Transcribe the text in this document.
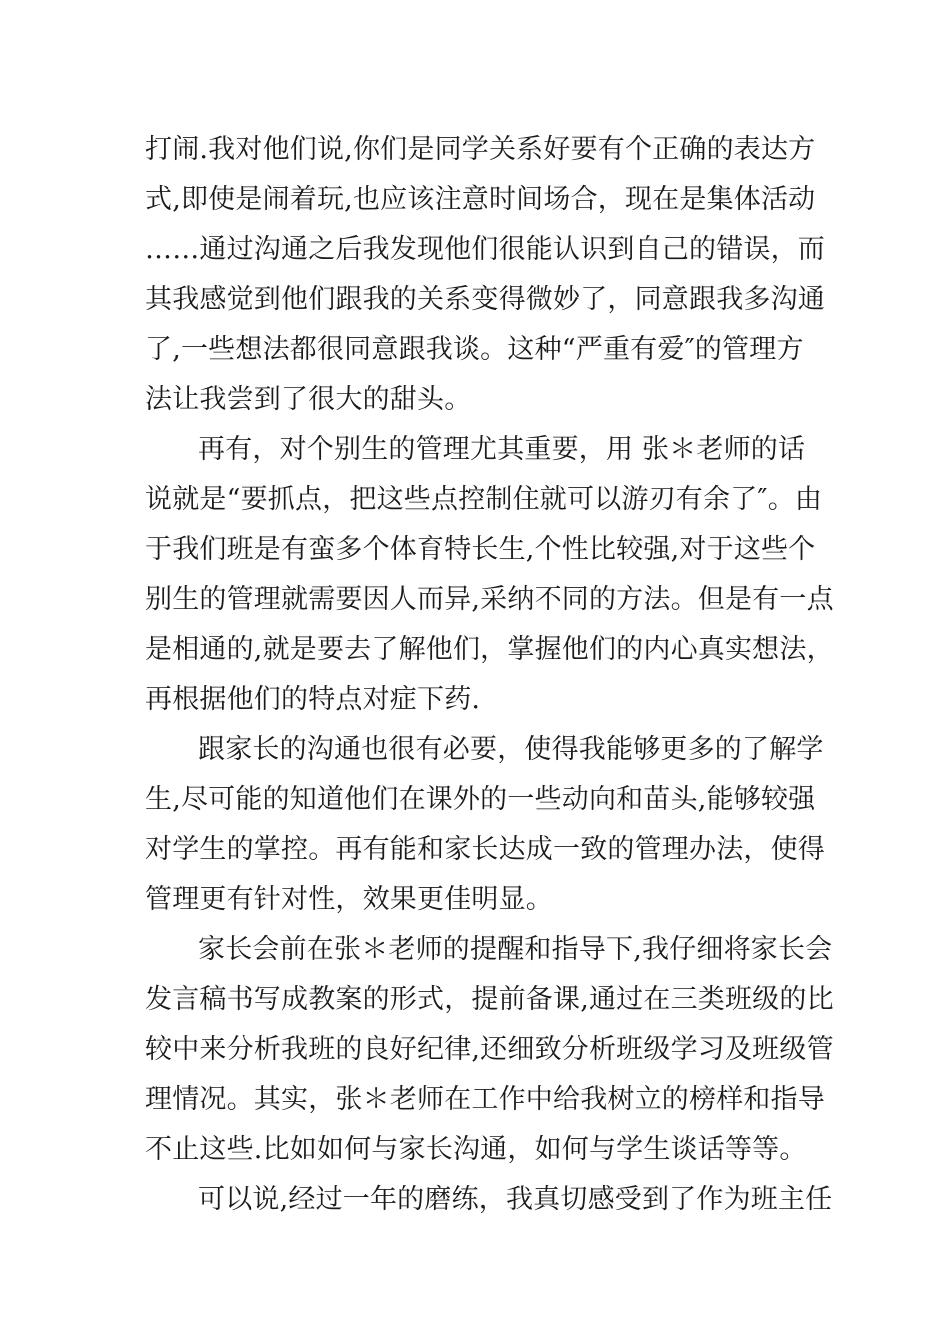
打闹.我对他们说,你们是同学关系好要有个正确的表达方
式,即使是闹着玩,也应该注意时间场合，现在是集体活动
……通过沟通之后我发现他们很能认识到自己的错误，而
其我感觉到他们跟我的关系变得微妙了，同意跟我多沟通
了,一些想法都很同意跟我谈。这种“严重有爱″的管理方
法让我尝到了很大的甜头。
再有，对个别生的管理尤其重要，用 张＊老师的话
说就是“要抓点，把这些点控制住就可以游刃有余了″。由
于我们班是有蛮多个体育特长生,个性比较强,对于这些个
别生的管理就需要因人而异,采纳不同的方法。但是有一点
是相通的,就是要去了解他们，掌握他们的内心真实想法，
再根据他们的特点对症下药.
跟家长的沟通也很有必要，使得我能够更多的了解学
生,尽可能的知道他们在课外的一些动向和苗头,能够较强
对学生的掌控。再有能和家长达成一致的管理办法，使得
管理更有针对性，效果更佳明显。
家长会前在张＊老师的提醒和指导下,我仔细将家长会
发言稿书写成教案的形式，提前备课,通过在三类班级的比
较中来分析我班的良好纪律,还细致分析班级学习及班级管
理情况。其实，张＊老师在工作中给我树立的榜样和指导
不止这些.比如如何与家长沟通，如何与学生谈话等等。
可以说,经过一年的磨练，我真切感受到了作为班主任
